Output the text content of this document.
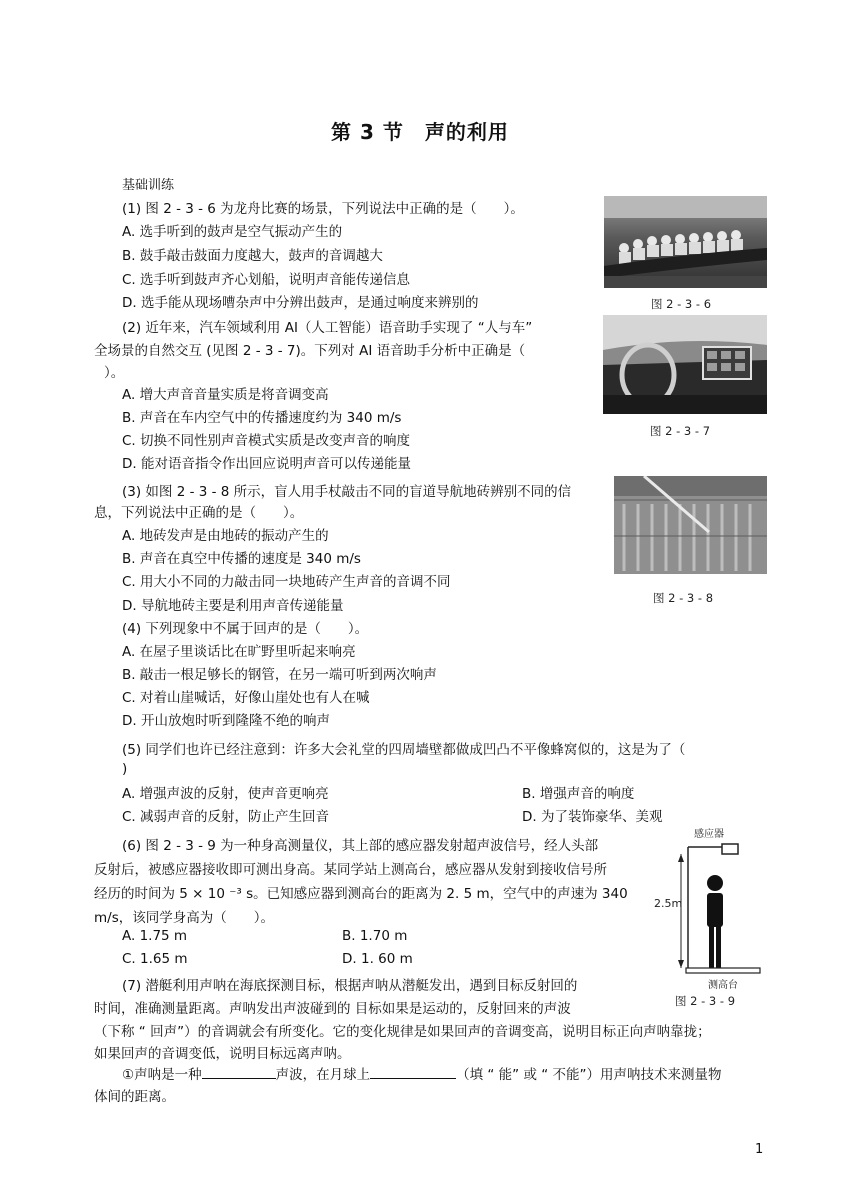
第 3 节　声的利用
基础训练
(1) 图 2 - 3 - 6 为龙舟比赛的场景，下列说法中正确的是（　　）。
A. 选手听到的鼓声是空气振动产生的
B. 鼓手敲击鼓面力度越大，鼓声的音调越大
C. 选手听到鼓声齐心划船，说明声音能传递信息
D. 选手能从现场嘈杂声中分辨出鼓声，是通过响度来辨别的	图 2 - 3 - 6
(2) 近年来，汽车领域利用 AI（人工智能）语音助手实现了 “人与车”
全场景的自然交互 (见图 2 - 3 - 7)。下列对 AI 语音助手分析中正确是（
）。
A. 增大声音音量实质是将音调变高
B. 声音在车内空气中的传播速度约为 340 m/s
C. 切换不同性别声音模式实质是改变声音的响度
D. 能对语音指令作出回应说明声音可以传递能量
图 2 - 3 - 7
(3) 如图 2 - 3 - 8 所示，盲人用手杖敲击不同的盲道导航地砖辨别不同的信
息，下列说法中正确的是（　　）。
A. 地砖发声是由地砖的振动产生的
B. 声音在真空中传播的速度是 340 m/s
C. 用大小不同的力敲击同一块地砖产生声音的音调不同
D. 导航地砖主要是利用声音传递能量	图 2 - 3 - 8
(4) 下列现象中不属于回声的是（　　）。
A. 在屋子里谈话比在旷野里听起来响亮
B. 敲击一根足够长的钢管，在另一端可听到两次响声
C. 对着山崖喊话，好像山崖处也有人在喊
D. 开山放炮时听到隆隆不绝的响声
(5) 同学们也许已经注意到：许多大会礼堂的四周墙壁都做成凹凸不平像蜂窝似的，这是为了（
)
A. 增强声波的反射，使声音更响亮	B. 增强声音的响度
C. 减弱声音的反射，防止产生回音	D. 为了装饰豪华、美观
(6) 图 2 - 3 - 9 为一种身高测量仪，其上部的感应器发射超声波信号，经人头部
反射后，被感应器接收即可测出身高。某同学站上测高台，感应器从发射到接收信号所
经历的时间为 5 × 10 ⁻³ s。已知感应器到测高台的距离为 2. 5 m，空气中的声速为 340
m/s，该同学身高为（　　）。
A. 1.75 m	B. 1.70 m
C. 1.65 m	D. 1. 60 m
感应器
测高台
2.5m
图 2 - 3 - 9
(7) 潜艇利用声呐在海底探测目标，根据声呐从潜艇发出，遇到目标反射回的
时间，准确测量距离。声呐发出声波碰到的 目标如果是运动的，反射回来的声波
（下称 “ 回声”）的音调就会有所变化。它的变化规律是如果回声的音调变高，说明目标正向声呐靠拢；
如果回声的音调变低，说明目标远离声呐。
①声呐是一种	声波，在月球上	（填 “ 能” 或 “ 不能”）用声呐技术来测量物
体间的距离。
1
